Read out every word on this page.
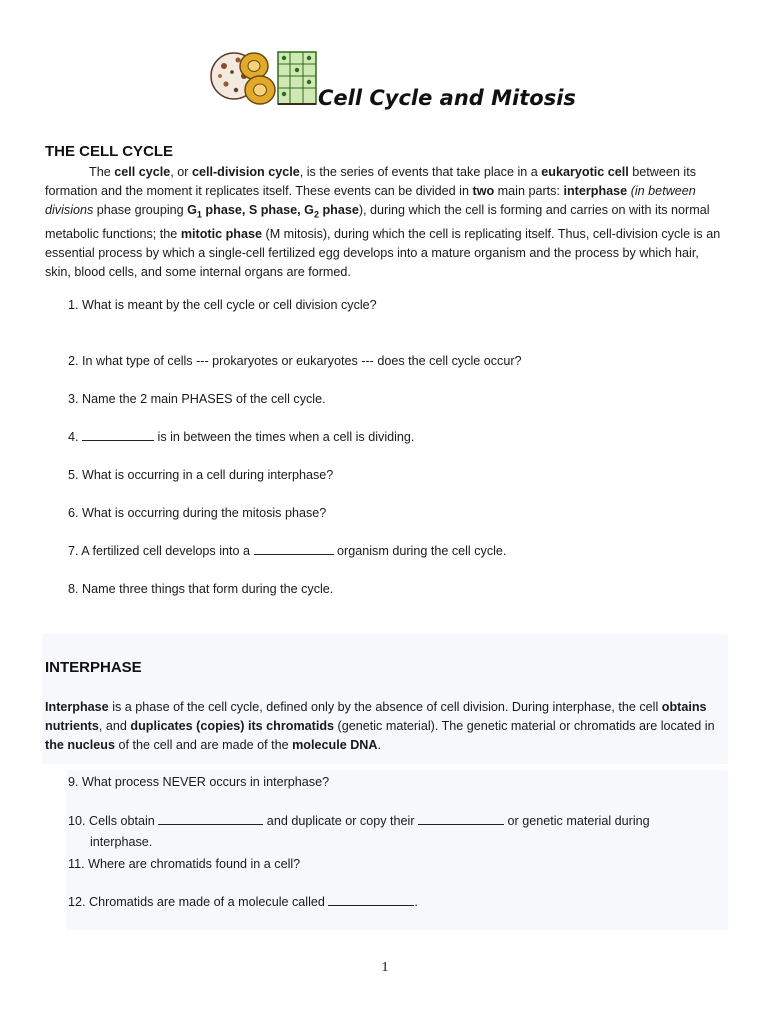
Cell Cycle and Mitosis
THE CELL CYCLE
The cell cycle, or cell-division cycle, is the series of events that take place in a eukaryotic cell between its formation and the moment it replicates itself. These events can be divided in two main parts: interphase (in between divisions phase grouping $G_1$ phase, S phase, $G_2$ phase), during which the cell is forming and carries on with its normal metabolic functions; the mitotic phase (M mitosis), during which the cell is replicating itself. Thus, cell-division cycle is an essential process by which a single-cell fertilized egg develops into a mature organism and the process by which hair, skin, blood cells, and some internal organs are formed.
1. What is meant by the cell cycle or cell division cycle?
2. In what type of cells --- prokaryotes or eukaryotes --- does the cell cycle occur?
3. Name the 2 main PHASES of the cell cycle.
4.	is in between the times when a cell is dividing.
5. What is occurring in a cell during interphase?
6. What is occurring during the mitosis phase?
7. A fertilized cell develops into a	organism during the cell cycle.
8. Name three things that form during the cycle.
INTERPHASE
Interphase is a phase of the cell cycle, defined only by the absence of cell division. During interphase, the cell obtains nutrients, and duplicates (copies) its chromatids (genetic material). The genetic material or chromatids are located in the nucleus of the cell and are made of the molecule DNA.
9. What process NEVER occurs in interphase?
10. Cells obtain	and duplicate or copy their	or genetic material during
interphase.
11. Where are chromatids found in a cell?
12. Chromatids are made of a molecule called	.
1
